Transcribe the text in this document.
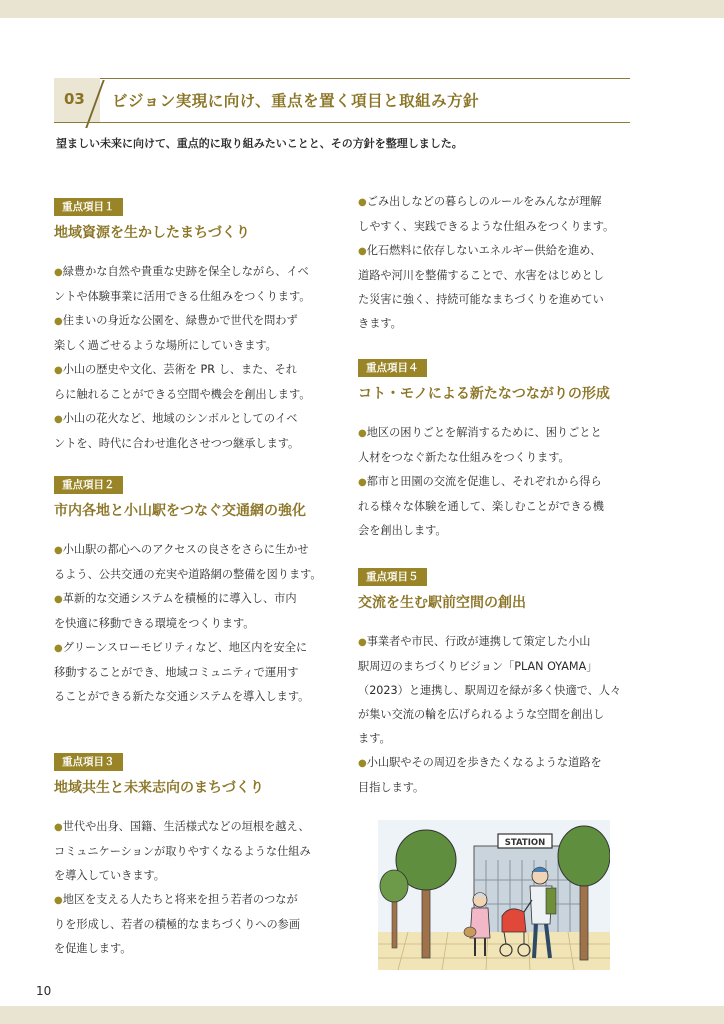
03 ビジョン実現に向け、重点を置く項目と取組み方針
望ましい未来に向けて、重点的に取り組みたいことと、その方針を整理しました。
重点項目１
地域資源を生かしたまちづくり
●緑豊かな自然や貴重な史跡を保全しながら、イベ
ントや体験事業に活用できる仕組みをつくります。
●住まいの身近な公園を、緑豊かで世代を問わず
楽しく過ごせるような場所にしていきます。
●小山の歴史や文化、芸術を PR し、また、それ
らに触れることができる空間や機会を創出します。
●小山の花火など、地域のシンボルとしてのイベ
ントを、時代に合わせ進化させつつ継承します。
重点項目２
市内各地と小山駅をつなぐ交通網の強化
●小山駅の都心へのアクセスの良さをさらに生かせ
るよう、公共交通の充実や道路網の整備を図ります。
●革新的な交通システムを積極的に導入し、市内
を快適に移動できる環境をつくります。
●グリーンスローモビリティなど、地区内を安全に
移動することができ、地域コミュニティで運用す
ることができる新たな交通システムを導入します。
重点項目３
地域共生と未来志向のまちづくり
●世代や出身、国籍、生活様式などの垣根を越え、
コミュニケーションが取りやすくなるような仕組み
を導入していきます。
●地区を支える人たちと将来を担う若者のつなが
りを形成し、若者の積極的なまちづくりへの参画
を促進します。
●ごみ出しなどの暮らしのルールをみんなが理解
しやすく、実践できるような仕組みをつくります。
●化石燃料に依存しないエネルギー供給を進め、
道路や河川を整備することで、水害をはじめとし
た災害に強く、持続可能なまちづくりを進めてい
きます。
重点項目４
コト・モノによる新たなつながりの形成
●地区の困りごとを解消するために、困りごとと
人材をつなぐ新たな仕組みをつくります。
●都市と田園の交流を促進し、それぞれから得ら
れる様々な体験を通して、楽しむことができる機
会を創出します。
重点項目５
交流を生む駅前空間の創出
●事業者や市民、行政が連携して策定した小山
駅周辺のまちづくりビジョン「PLAN OYAMA」
（2023）と連携し、駅周辺を緑が多く快適で、人々
が集い交流の輪を広げられるような空間を創出し
ます。
●小山駅やその周辺を歩きたくなるような道路を
目指します。
STATION
10
